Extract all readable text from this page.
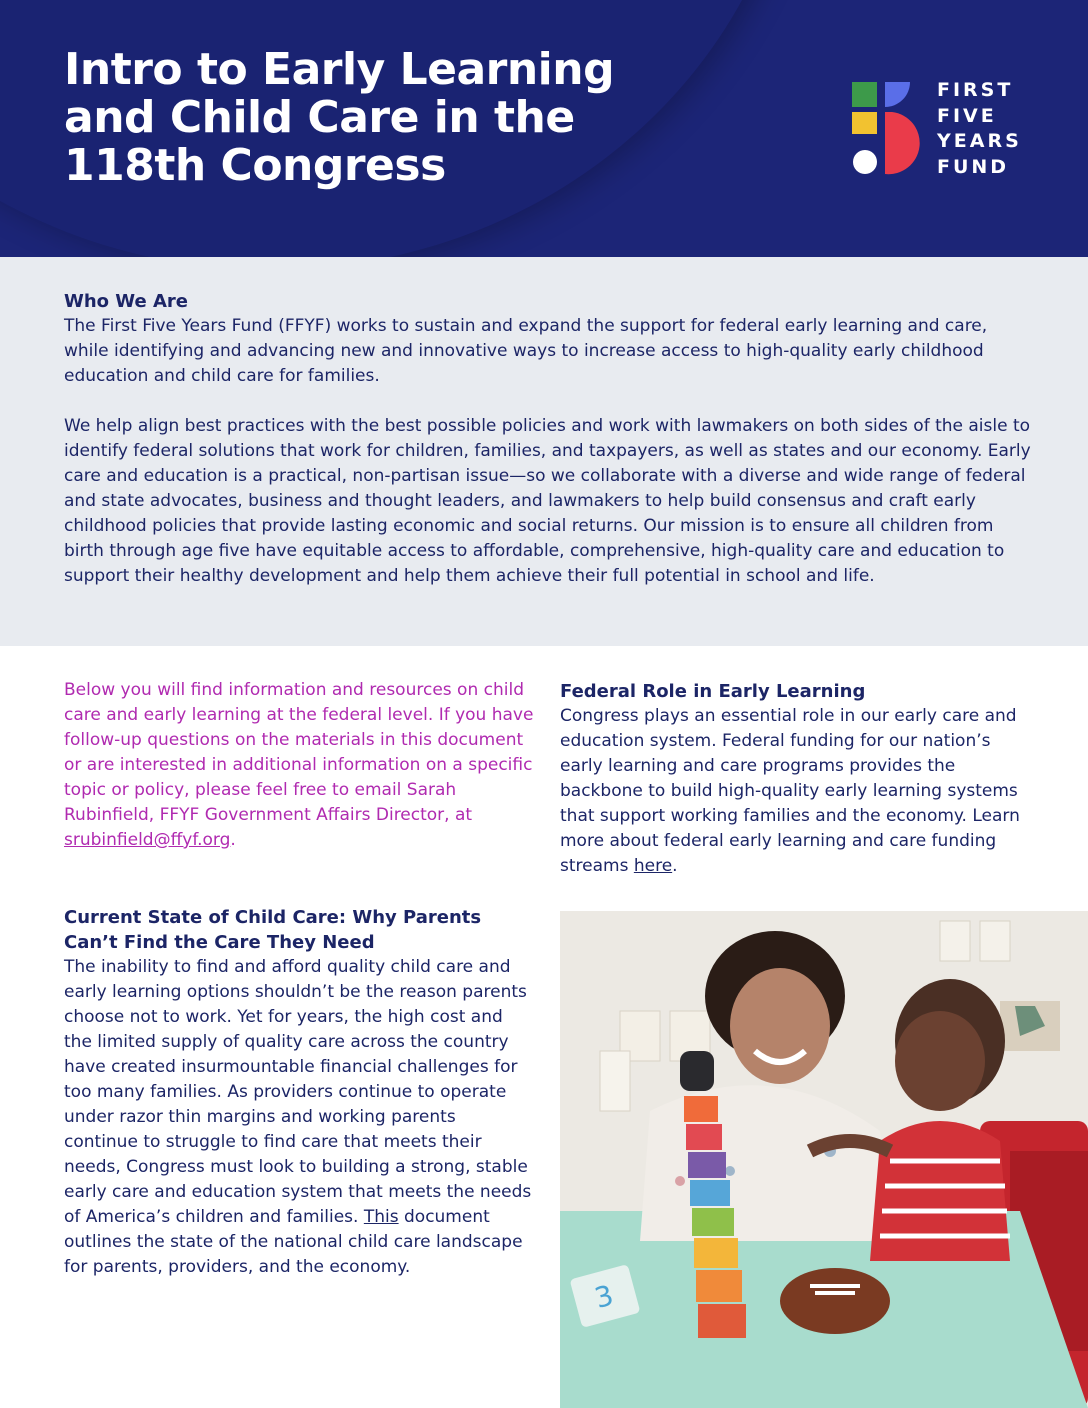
Intro to Early Learning
and Child Care in the
118th Congress
FIRST
FIVE
YEARS
FUND
Who We Are

The First Five Years Fund (FFYF) works to sustain and expand the support for federal early learning and care, while identifying and advancing new and innovative ways to increase access to high-quality early childhood education and child care for families.

We help align best practices with the best possible policies and work with lawmakers on both sides of the aisle to identify federal solutions that work for children, families, and taxpayers, as well as states and our economy. Early care and education is a practical, non-partisan issue—so we collaborate with a diverse and wide range of federal and state advocates, business and thought leaders, and lawmakers to help build consensus and craft early childhood policies that provide lasting economic and social returns. Our mission is to ensure all children from birth through age five have equitable access to affordable, comprehensive, high-quality care and education to support their healthy development and help them achieve their full potential in school and life.

Below you will find information and resources on child care and early learning at the federal level. If you have follow-up questions on the materials in this document or are interested in additional information on a specific topic or policy, please feel free to email Sarah Rubinfield, FFYF Government Affairs Director, at srubinfield@ffyf.org.

Federal Role in Early Learning

Congress plays an essential role in our early care and education system. Federal funding for our nation’s early learning and care programs provides the backbone to build high-quality early learning systems that support working families and the economy. Learn more about federal early learning and care funding streams here.

Current State of Child Care: Why Parents Can’t Find the Care They Need

The inability to find and afford quality child care and early learning options shouldn’t be the reason parents choose not to work. Yet for years, the high cost and the limited supply of quality care across the country have created insurmountable financial challenges for too many families. As providers continue to operate under razor thin margins and working parents continue to struggle to find care that meets their needs, Congress must look to building a strong, stable early care and education system that meets the needs of America’s children and families. This document outlines the state of the national child care landscape for parents, providers, and the economy.

3
